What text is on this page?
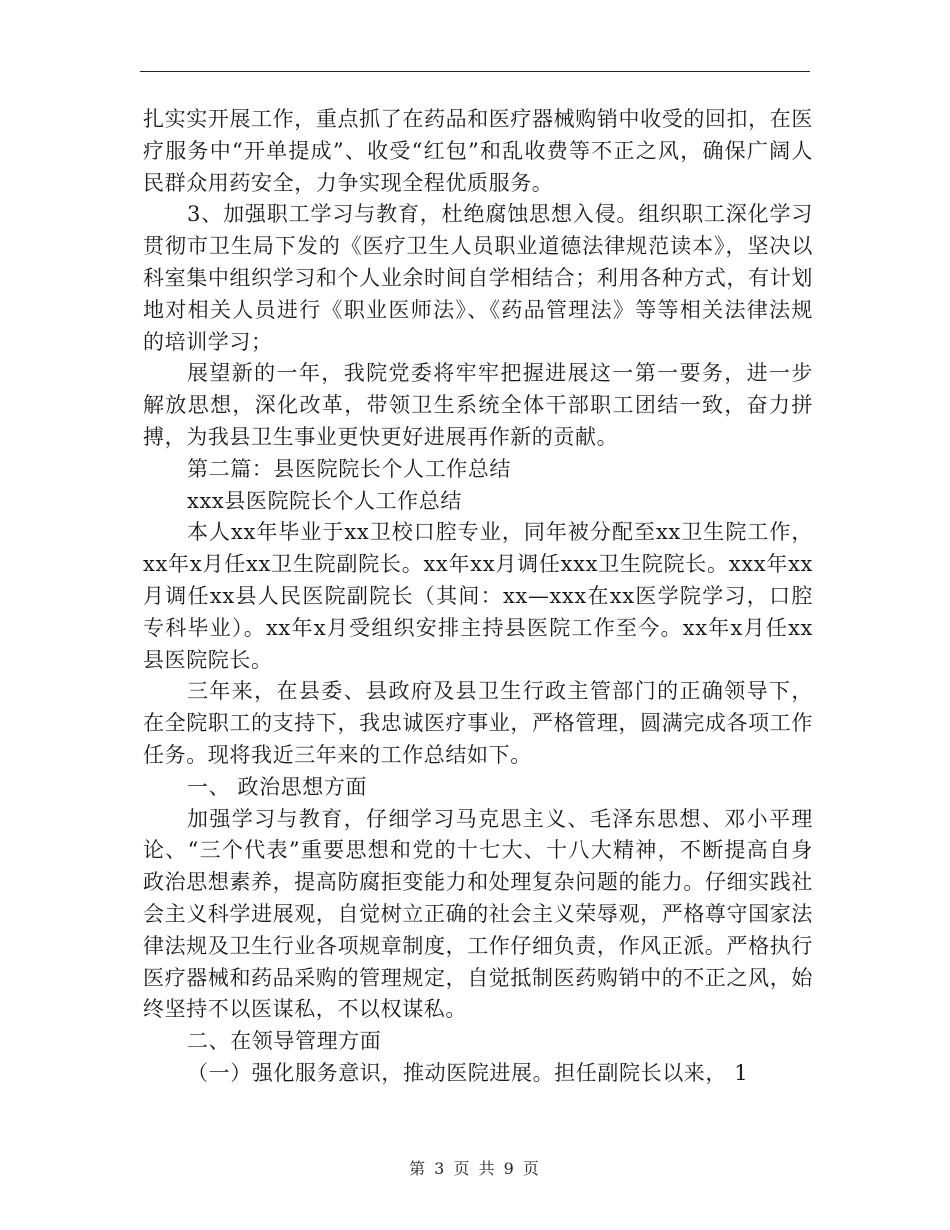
扎实实开展工作，重点抓了在药品和医疗器械购销中收受的回扣，在医疗服务中“开单提成”、收受“红包”和乱收费等不正之风，确保广阔人民群众用药安全，力争实现全程优质服务。

3、加强职工学习与教育，杜绝腐蚀思想入侵。组织职工深化学习贯彻市卫生局下发的《医疗卫生人员职业道德法律规范读本》，坚决以科室集中组织学习和个人业余时间自学相结合；利用各种方式，有计划地对相关人员进行《职业医师法》、《药品管理法》等等相关法律法规的培训学习；

展望新的一年，我院党委将牢牢把握进展这一第一要务，进一步解放思想，深化改革，带领卫生系统全体干部职工团结一致，奋力拼搏，为我县卫生事业更快更好进展再作新的贡献。

第二篇：县医院院长个人工作总结

xxx县医院院长个人工作总结

本人xx年毕业于xx卫校口腔专业，同年被分配至xx卫生院工作，xx年x月任xx卫生院副院长。xx年xx月调任xxx卫生院院长。xxx年xx月调任xx县人民医院副院长（其间：xx—xxx在xx医学院学习，口腔专科毕业）。xx年x月受组织安排主持县医院工作至今。xx年x月任xx县医院院长。

三年来，在县委、县政府及县卫生行政主管部门的正确领导下，在全院职工的支持下，我忠诚医疗事业，严格管理，圆满完成各项工作任务。现将我近三年来的工作总结如下。

一、 政治思想方面

加强学习与教育，仔细学习马克思主义、毛泽东思想、邓小平理论、“三个代表”重要思想和党的十七大、十八大精神，不断提高自身政治思想素养，提高防腐拒变能力和处理复杂问题的能力。仔细实践社会主义科学进展观，自觉树立正确的社会主义荣辱观，严格尊守国家法律法规及卫生行业各项规章制度，工作仔细负责，作风正派。严格执行医疗器械和药品采购的管理规定，自觉抵制医药购销中的不正之风，始终坚持不以医谋私，不以权谋私。

二、在领导管理方面

（一）强化服务意识，推动医院进展。担任副院长以来， 1

第 3 页 共 9 页
